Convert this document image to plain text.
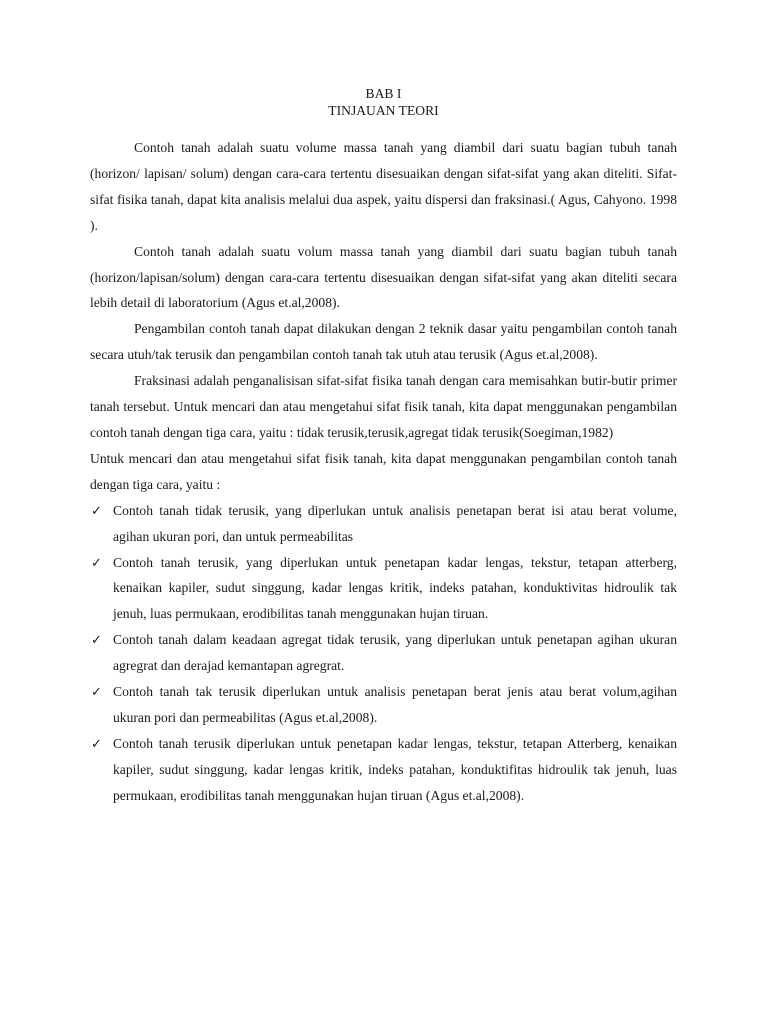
BAB I

TINJAUAN TEORI

Contoh tanah adalah suatu volume massa tanah yang diambil dari suatu bagian tubuh tanah (horizon/ lapisan/ solum) dengan cara-cara tertentu disesuaikan dengan sifat-sifat yang akan diteliti. Sifat-sifat fisika tanah, dapat kita analisis melalui dua aspek, yaitu dispersi dan fraksinasi.( Agus, Cahyono. 1998 ).

Contoh tanah adalah suatu volum massa tanah yang diambil dari suatu bagian tubuh tanah (horizon/lapisan/solum) dengan cara-cara tertentu disesuaikan dengan sifat-sifat yang akan diteliti secara lebih detail di laboratorium (Agus et.al,2008).

Pengambilan contoh tanah dapat dilakukan dengan 2 teknik dasar yaitu pengambilan contoh tanah secara utuh/tak terusik dan pengambilan contoh tanah tak utuh atau terusik (Agus et.al,2008).

Fraksinasi adalah penganalisisan sifat-sifat fisika tanah dengan cara memisahkan butir-butir primer tanah tersebut. Untuk mencari dan atau mengetahui sifat fisik tanah, kita dapat menggunakan pengambilan contoh tanah dengan tiga cara, yaitu : tidak terusik,terusik,agregat tidak terusik(Soegiman,1982)

Untuk mencari dan atau mengetahui sifat fisik tanah, kita dapat menggunakan pengambilan contoh tanah dengan tiga cara, yaitu :

✓ Contoh tanah tidak terusik, yang diperlukan untuk analisis penetapan berat isi atau berat volume, agihan ukuran pori, dan untuk permeabilitas
✓ Contoh tanah terusik, yang diperlukan untuk penetapan kadar lengas, tekstur, tetapan atterberg, kenaikan kapiler, sudut singgung, kadar lengas kritik, indeks patahan, konduktivitas hidroulik tak jenuh, luas permukaan, erodibilitas tanah menggunakan hujan tiruan.
✓ Contoh tanah dalam keadaan agregat tidak terusik, yang diperlukan untuk penetapan agihan ukuran agregrat dan derajad kemantapan agregrat.
✓ Contoh tanah tak terusik diperlukan untuk analisis penetapan berat jenis atau berat volum,agihan ukuran pori dan permeabilitas (Agus et.al,2008).
✓ Contoh tanah terusik diperlukan untuk penetapan kadar lengas, tekstur, tetapan Atterberg, kenaikan kapiler, sudut singgung, kadar lengas kritik, indeks patahan, konduktifitas hidroulik tak jenuh, luas permukaan, erodibilitas tanah menggunakan hujan tiruan (Agus et.al,2008).
